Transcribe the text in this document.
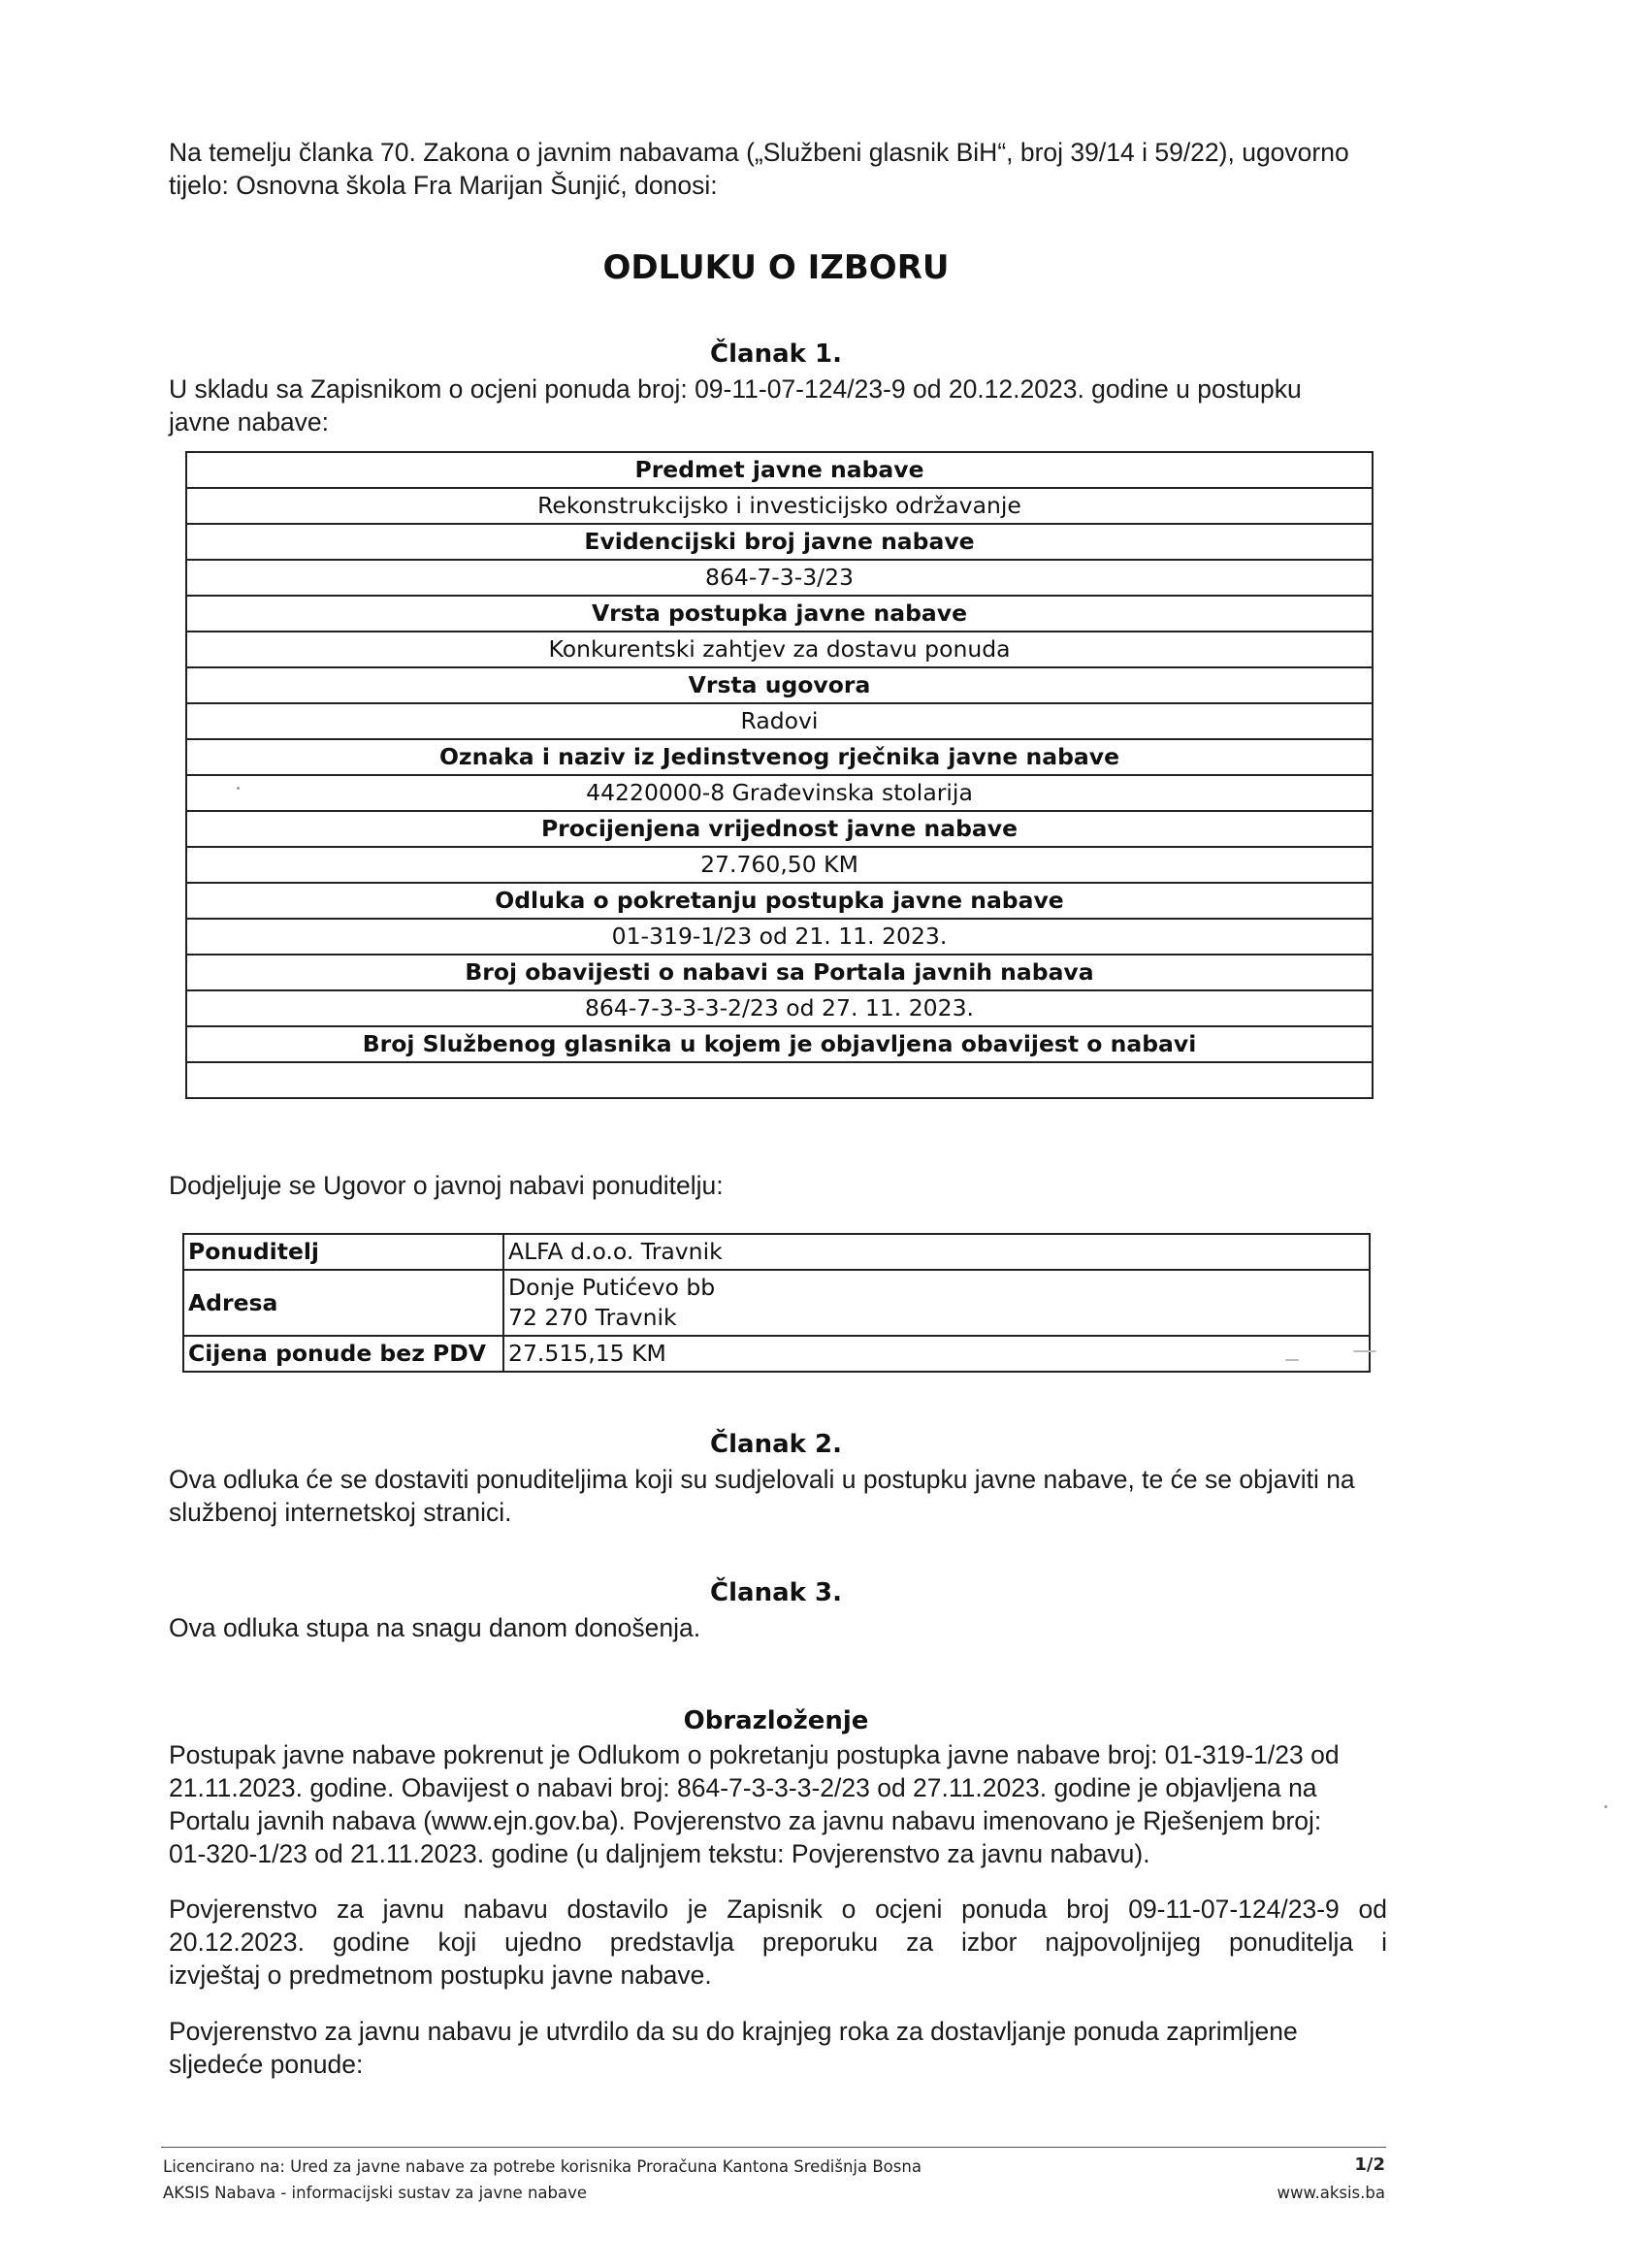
Na temelju članka 70. Zakona o javnim nabavama („Službeni glasnik BiH“, broj 39/14 i 59/22), ugovorno
tijelo: Osnovna škola Fra Marijan Šunjić, donosi:
ODLUKU O IZBORU
Članak 1.
U skladu sa Zapisnikom o ocjeni ponuda broj: 09-11-07-124/23-9 od 20.12.2023. godine u postupku
javne nabave:
Predmet javne nabave
Rekonstrukcijsko i investicijsko održavanje
Evidencijski broj javne nabave
864-7-3-3/23
Vrsta postupka javne nabave
Konkurentski zahtjev za dostavu ponuda
Vrsta ugovora
Radovi
Oznaka i naziv iz Jedinstvenog rječnika javne nabave
44220000-8 Građevinska stolarija
Procijenjena vrijednost javne nabave
27.760,50 KM
Odluka o pokretanju postupka javne nabave
01-319-1/23 od 21. 11. 2023.
Broj obavijesti o nabavi sa Portala javnih nabava
864-7-3-3-3-2/23 od 27. 11. 2023.
Broj Službenog glasnika u kojem je objavljena obavijest o nabavi

Dodjeljuje se Ugovor o javnoj nabavi ponuditelju:
Ponuditelj	ALFA d.o.o. Travnik
Adresa	Donje Putićevo bb
72 270 Travnik

Cijena ponude bez PDV	27.515,15 KM
Članak 2.
Ova odluka će se dostaviti ponuditeljima koji su sudjelovali u postupku javne nabave, te će se objaviti na
službenoj internetskoj stranici.
Članak 3.
Ova odluka stupa na snagu danom donošenja.
Obrazloženje
Postupak javne nabave pokrenut je Odlukom o pokretanju postupka javne nabave broj: 01-319-1/23 od
21.11.2023. godine. Obavijest o nabavi broj: 864-7-3-3-3-2/23 od 27.11.2023. godine je objavljena na
Portalu javnih nabava (www.ejn.gov.ba). Povjerenstvo za javnu nabavu imenovano je Rješenjem broj:
01-320-1/23 od 21.11.2023. godine (u daljnjem tekstu: Povjerenstvo za javnu nabavu).
Povjerenstvo za javnu nabavu dostavilo je Zapisnik o ocjeni ponuda broj 09-11-07-124/23-9 od
20.12.2023. godine koji ujedno predstavlja preporuku za izbor najpovoljnijeg ponuditelja i
izvještaj o predmetnom postupku javne nabave.
Povjerenstvo za javnu nabavu je utvrdilo da su do krajnjeg roka za dostavljanje ponuda zaprimljene
sljedeće ponude:
Licencirano na: Ured za javne nabave za potrebe korisnika Proračuna Kantona Središnja Bosna
AKSIS Nabava - informacijski sustav za javne nabave
1/2
www.aksis.ba
